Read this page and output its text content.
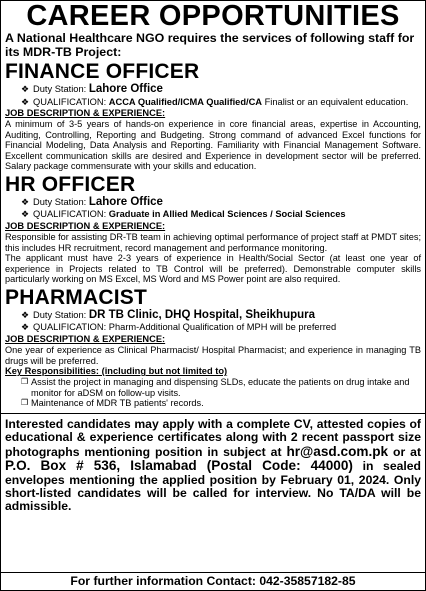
CAREER OPPORTUNITIES
A National Healthcare NGO requires the services of following staff for its MDR-TB Project:
FINANCE OFFICER
❖ Duty Station: Lahore Office
❖ QUALIFICATION: ACCA Qualified/ICMA Qualified/CA Finalist or an equivalent education.
JOB DESCRIPTION & EXPERIENCE:
A minimum of 3-5 years of hands-on experience in core financial areas, expertise in Accounting, Auditing, Controlling, Reporting and Budgeting. Strong command of advanced Excel functions for Financial Modeling, Data Analysis and Reporting. Familiarity with Financial Management Software. Excellent communication skills are desired and Experience in development sector will be preferred. Salary package commensurate with your skills and education.
HR OFFICER
❖ Duty Station: Lahore Office
❖ QUALIFICATION: Graduate in Allied Medical Sciences / Social Sciences
JOB DESCRIPTION & EXPERIENCE:
Responsible for assisting DR-TB team in achieving optimal performance of project staff at PMDT sites; this includes HR recruitment, record management and performance monitoring.
The applicant must have 2-3 years of experience in Health/Social Sector (at least one year of experience in Projects related to TB Control will be preferred). Demonstrable computer skills particularly working on MS Excel, MS Word and MS Power point are also required.
PHARMACIST
❖ Duty Station: DR TB Clinic, DHQ Hospital, Sheikhupura
❖ QUALIFICATION: Pharm-Additional Qualification of MPH will be preferred
JOB DESCRIPTION & EXPERIENCE:
One year of experience as Clinical Pharmacist/ Hospital Pharmacist; and experience in managing TB drugs will be preferred.
Key Responsibilities: (including but not limited to)
❒ Assist the project in managing and dispensing SLDs, educate the patients on drug intake and monitor for aDSM on follow-up visits.
❒ Maintenance of MDR TB patients' records.
Interested candidates may apply with a complete CV, attested copies of educational & experience certificates along with 2 recent passport size photographs mentioning position in subject at hr@asd.com.pk or at P.O. Box # 536, Islamabad (Postal Code: 44000) in sealed envelopes mentioning the applied position by February 01, 2024. Only short-listed candidates will be called for interview. No TA/DA will be admissible.
For further information Contact: 042-35857182-85
